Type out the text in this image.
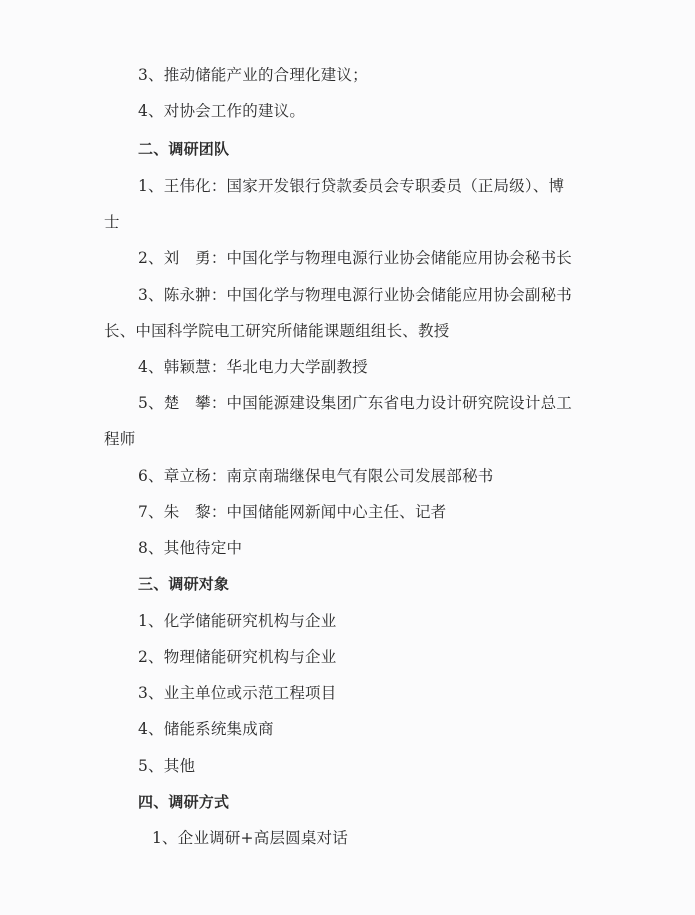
3、推动储能产业的合理化建议；
4、对协会工作的建议。
二、调研团队
1、王伟化：国家开发银行贷款委员会专职委员（正局级）、博
士
2、刘　勇：中国化学与物理电源行业协会储能应用协会秘书长
3、陈永翀：中国化学与物理电源行业协会储能应用协会副秘书
长、中国科学院电工研究所储能课题组组长、教授
4、韩颖慧：华北电力大学副教授
5、楚　攀：中国能源建设集团广东省电力设计研究院设计总工
程师
6、章立杨：南京南瑞继保电气有限公司发展部秘书
7、朱　黎：中国储能网新闻中心主任、记者
8、其他待定中
三、调研对象
1、化学储能研究机构与企业
2、物理储能研究机构与企业
3、业主单位或示范工程项目
4、储能系统集成商
5、其他
四、调研方式
1、企业调研+高层圆桌对话
